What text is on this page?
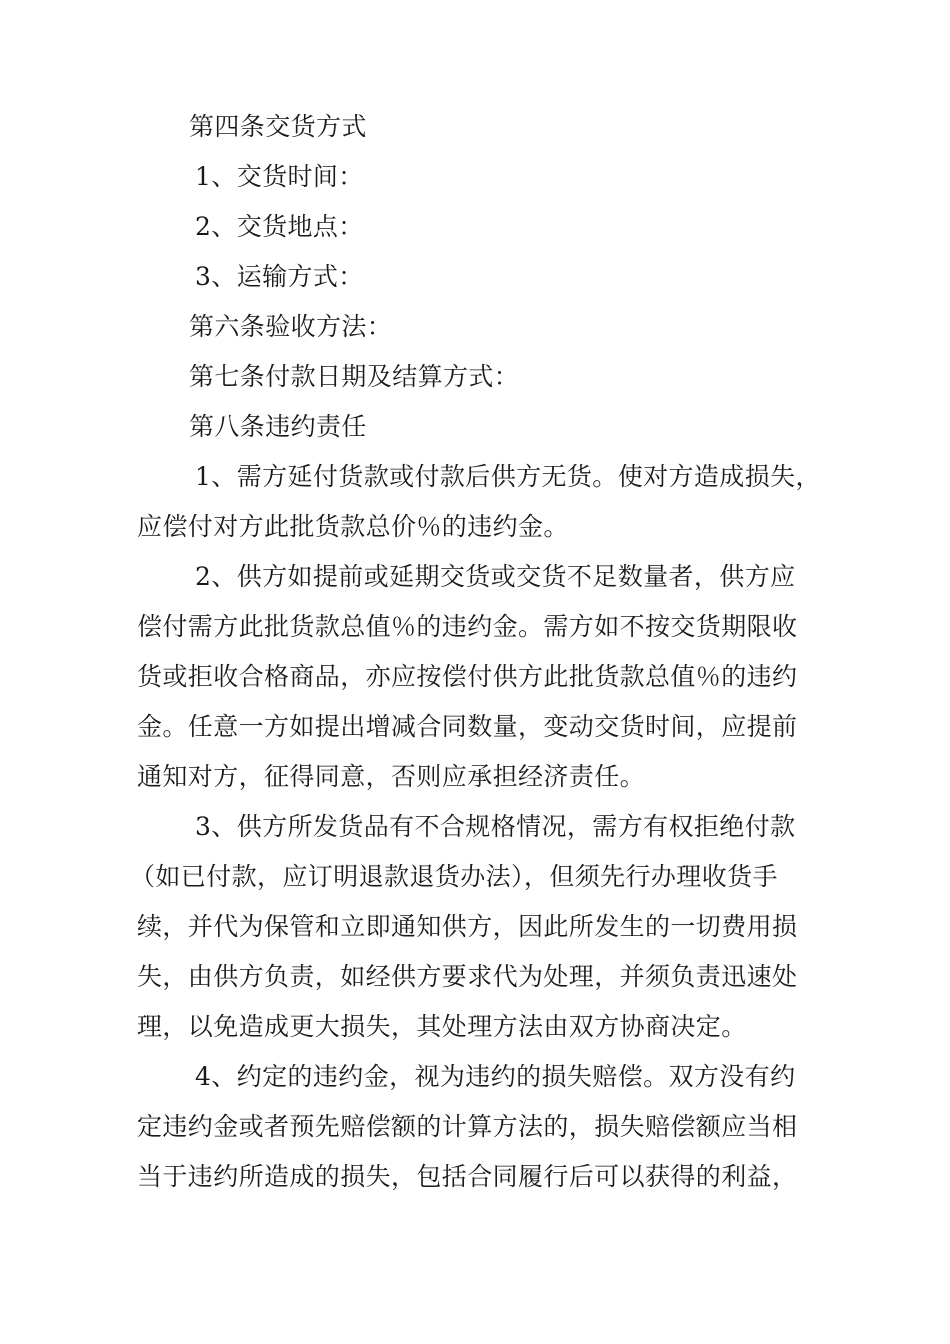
第四条交货方式
1、交货时间：
2、交货地点：
3、运输方式：
第六条验收方法：
第七条付款日期及结算方式：
第八条违约责任
1、需方延付货款或付款后供方无货。使对方造成损失，
应偿付对方此批货款总价％的违约金。
2、供方如提前或延期交货或交货不足数量者，供方应
偿付需方此批货款总值％的违约金。需方如不按交货期限收
货或拒收合格商品，亦应按偿付供方此批货款总值％的违约
金。任意一方如提出增减合同数量，变动交货时间，应提前
通知对方，征得同意，否则应承担经济责任。
3、供方所发货品有不合规格情况，需方有权拒绝付款
（如已付款，应订明退款退货办法），但须先行办理收货手
续，并代为保管和立即通知供方，因此所发生的一切费用损
失，由供方负责，如经供方要求代为处理，并须负责迅速处
理，以免造成更大损失，其处理方法由双方协商决定。
4、约定的违约金，视为违约的损失赔偿。双方没有约
定违约金或者预先赔偿额的计算方法的，损失赔偿额应当相
当于违约所造成的损失，包括合同履行后可以获得的利益，
